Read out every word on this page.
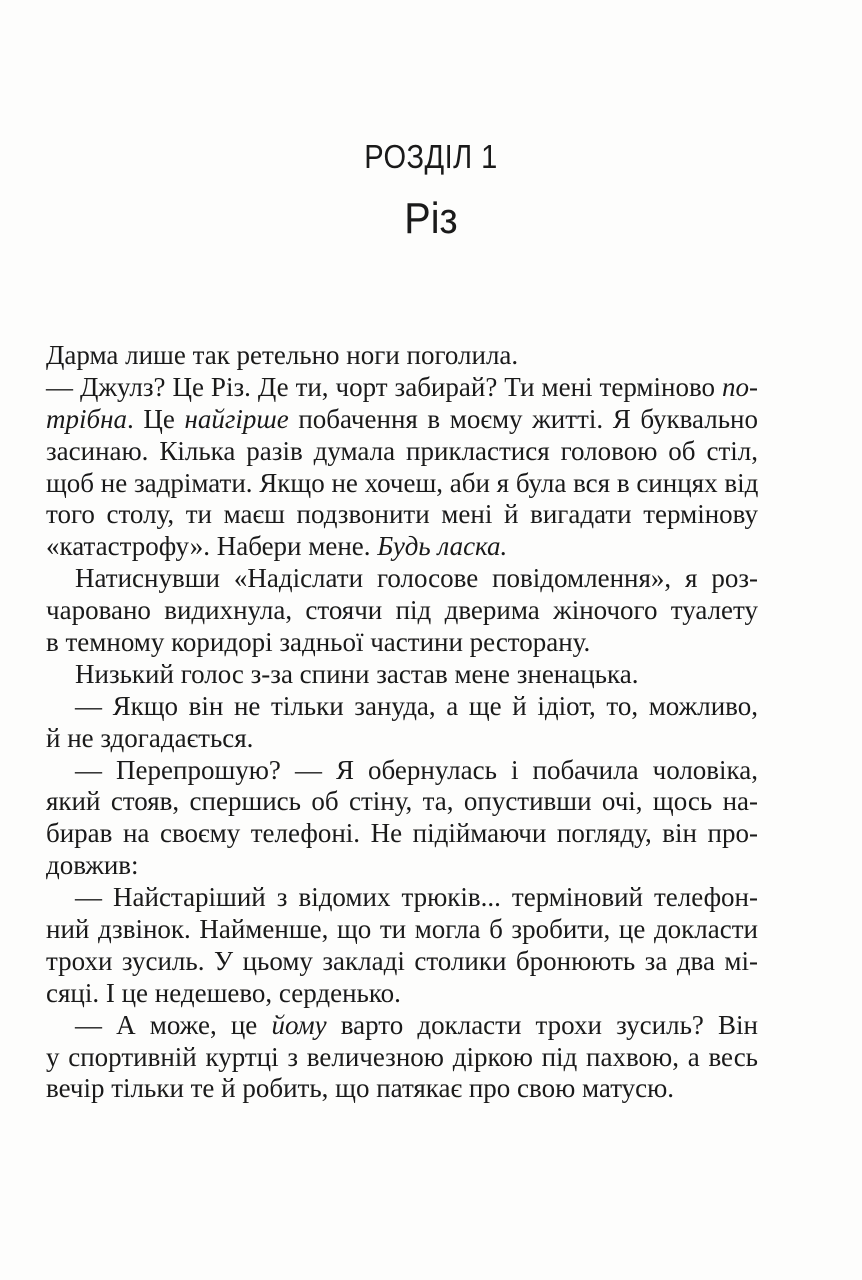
РОЗДІЛ 1
Різ
Дарма лише так ретельно ноги поголила.
— Джулз? Це Різ. Де ти, чорт забирай? Ти мені терміново по-
трібна. Це найгірше побачення в моєму житті. Я буквально
засинаю. Кілька разів думала прикластися головою об стіл,
щоб не задрімати. Якщо не хочеш, аби я була вся в синцях від
того столу, ти маєш подзвонити мені й вигадати термінову
«катастрофу». Набери мене. Будь ласка.
Натиснувши «Надіслати голосове повідомлення», я роз-
чаровано видихнула, стоячи під дверима жіночого туалету
в темному коридорі задньої частини ресторану.
Низький голос з-за спини застав мене зненацька.
— Якщо він не тільки зануда, а ще й ідіот, то, можливо,
й не здогадається.
— Перепрошую? — Я обернулась і побачила чоловіка,
який стояв, спершись об стіну, та, опустивши очі, щось на-
бирав на своєму телефоні. Не підіймаючи погляду, він про-
довжив:
— Найстаріший з відомих трюків... терміновий телефон-
ний дзвінок. Найменше, що ти могла б зробити, це докласти
трохи зусиль. У цьому закладі столики бронюють за два мі-
сяці. І це недешево, серденько.
— А може, це йому варто докласти трохи зусиль? Він
у спортивній куртці з величезною діркою під пахвою, а весь
вечір тільки те й робить, що патякає про свою матусю.
